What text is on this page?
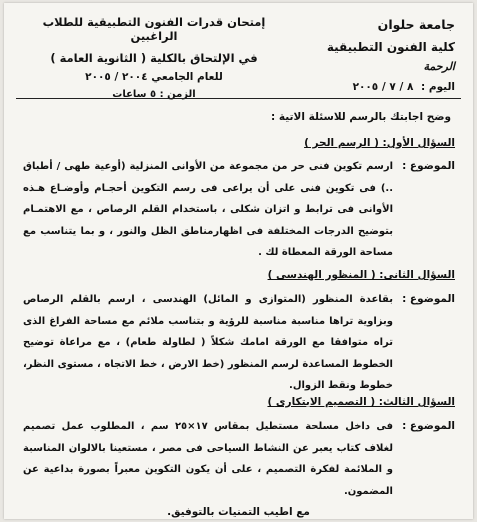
جامعة حلوان
كلية الفنون التطبيقية
الرحمة
اليوم : ٨ / ٧ / ٢٠٠٥
إمتحان قدرات الفنون التطبيقية للطلاب الراغبين
في الإلتحاق بالكلية ( الثانوية العامة )
للعام الجامعي ٢٠٠٤ / ٢٠٠٥
الزمن : ٥ ساعات
وضح اجابتك بالرسم للاسئلة الاتية :
السؤال الأول: ( الرسم الحر )
الموضوع :
ارسم تكوين فنى حر من مجموعة من الأوانى المنزلية (أوعية طهى / أطباق ..) فى تكوين فنى على أن يراعى فى رسم التكوين أحجـام وأوضـاع هـذه الأوانى فى ترابط و اتزان شكلى ، باستخدام القلم الرصاص ، مع الاهتمـام بتوضيح الدرجات المختلفة فى اظهارمناطق الظل والنور ، و بما يتناسب مع مساحة الورقة المعطاة لك .
السؤال الثانى: ( المنظور الهندسى )
الموضوع :
بقاعدة المنظور (المتوازى و المائل) الهندسى ، ارسم بالقلم الرصاص وبزاوية تراها مناسبة مناسبة للرؤية و بتناسب ملائم مع مساحة الفراغ الذى تراه متوافقا مع الورقة امامك شكلاً ( لطاولة طعام) ، مع مراعاة توضيح الخطوط المساعدة لرسم المنظور (خط الارض ، خط الاتجاه ، مستوى النظر، خطوط ونقط الزوال.
السؤال الثالث: ( التصميم الابتكارى )
الموضوع :
فى داخل مسلحة مستطيل بمقاس ١٧×٢٥ سم ، المطلوب عمل تصميم لغلاف كتاب يعبر عن النشاط السياحى فى مصر ، مستعينا بالالوان المناسبة و الملائمة لفكرة التصميم ، على أن يكون التكوين معبراً بصورة بداعية عن المضمون.
مع اطيب التمنيات بالتوفيق.
